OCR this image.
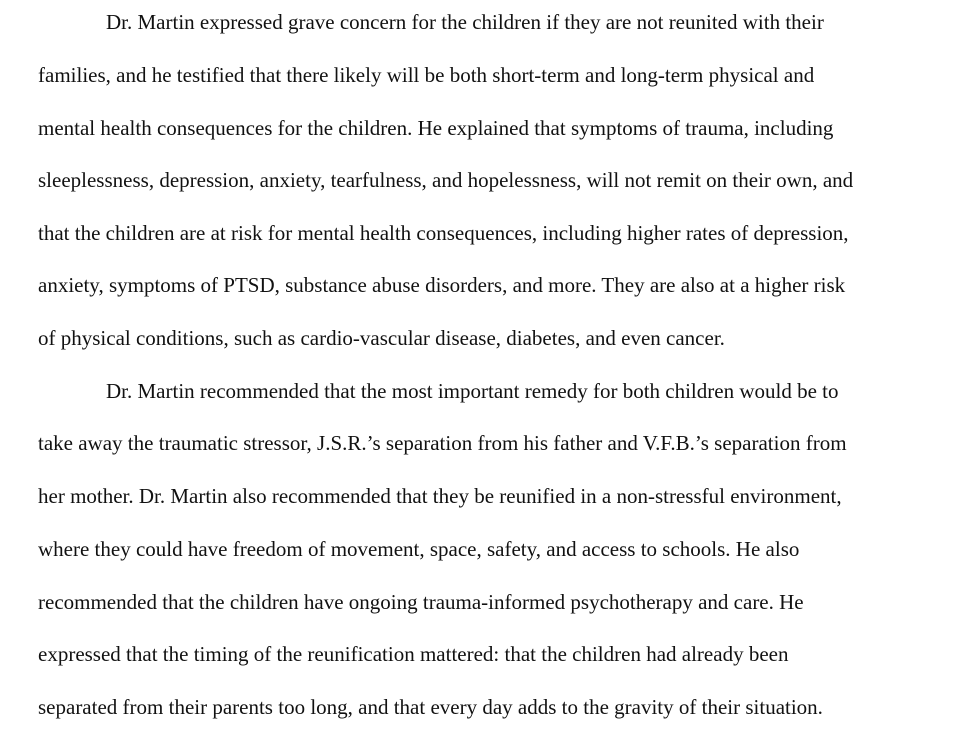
Dr. Martin expressed grave concern for the children if they are not reunited with their
families, and he testified that there likely will be both short-term and long-term physical and
mental health consequences for the children. He explained that symptoms of trauma, including
sleeplessness, depression, anxiety, tearfulness, and hopelessness, will not remit on their own, and
that the children are at risk for mental health consequences, including higher rates of depression,
anxiety, symptoms of PTSD, substance abuse disorders, and more. They are also at a higher risk
of physical conditions, such as cardio-vascular disease, diabetes, and even cancer.
Dr. Martin recommended that the most important remedy for both children would be to
take away the traumatic stressor, J.S.R.’s separation from his father and V.F.B.’s separation from
her mother. Dr. Martin also recommended that they be reunified in a non-stressful environment,
where they could have freedom of movement, space, safety, and access to schools. He also
recommended that the children have ongoing trauma-informed psychotherapy and care. He
expressed that the timing of the reunification mattered: that the children had already been
separated from their parents too long, and that every day adds to the gravity of their situation.
